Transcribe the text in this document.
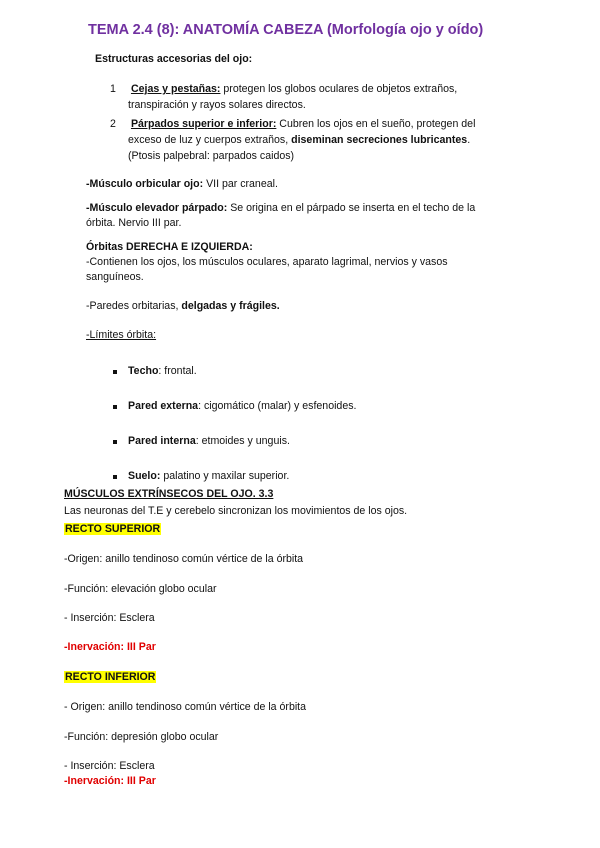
TEMA 2.4 (8): ANATOMÍA CABEZA (Morfología ojo y oído)
Estructuras accesorias del ojo:
1 Cejas y pestañas: protegen los globos oculares de objetos extraños,
transpiración y rayos solares directos.
2 Párpados superior e inferior: Cubren los ojos en el sueño, protegen del
exceso de luz y cuerpos extraños, diseminan secreciones lubricantes.
(Ptosis palpebral: parpados caidos)
-Músculo orbicular ojo: VII par craneal.
-Músculo elevador párpado: Se origina en el párpado se inserta en el techo de la
órbita. Nervio III par.
Órbitas DERECHA E IZQUIERDA:
-Contienen los ojos, los músculos oculares, aparato lagrimal, nervios y vasos
sanguíneos.
-Paredes orbitarias, delgadas y frágiles.
-Límites órbita:
Techo: frontal.
Pared externa: cigomático (malar) y esfenoides.
Pared interna: etmoides y unguis.
Suelo: palatino y maxilar superior.
MÚSCULOS EXTRÍNSECOS DEL OJO. 3.3
Las neuronas del T.E y cerebelo sincronizan los movimientos de los ojos.
RECTO SUPERIOR
-Origen: anillo tendinoso común vértice de la órbita
-Función: elevación globo ocular
- Inserción: Esclera
-Inervación: III Par
RECTO INFERIOR
- Origen: anillo tendinoso común vértice de la órbita
-Función: depresión globo ocular
- Inserción: Esclera
-Inervación: III Par
